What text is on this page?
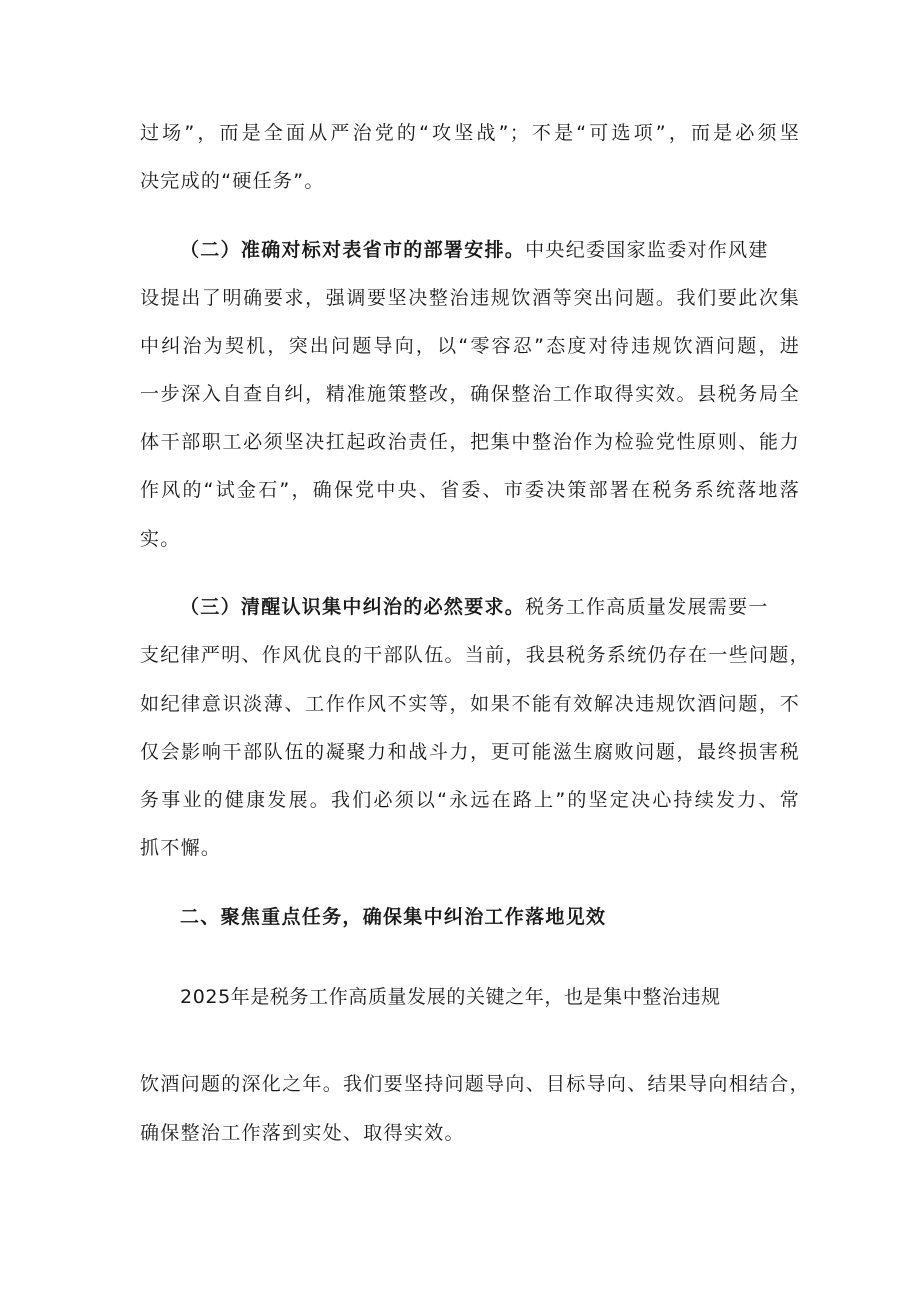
过场”，而是全面从严治党的“攻坚战”；不是“可选项”，而是必须坚
决完成的“硬任务”。
（二）准确对标对表省市的部署安排。中央纪委国家监委对作风建
设提出了明确要求，强调要坚决整治违规饮酒等突出问题。我们要此次集
中纠治为契机，突出问题导向，以“零容忍”态度对待违规饮酒问题，进
一步深入自查自纠，精准施策整改，确保整治工作取得实效。县税务局全
体干部职工必须坚决扛起政治责任，把集中整治作为检验党性原则、能力
作风的“试金石”，确保党中央、省委、市委决策部署在税务系统落地落
实。
（三）清醒认识集中纠治的必然要求。税务工作高质量发展需要一
支纪律严明、作风优良的干部队伍。当前，我县税务系统仍存在一些问题，
如纪律意识淡薄、工作作风不实等，如果不能有效解决违规饮酒问题，不
仅会影响干部队伍的凝聚力和战斗力，更可能滋生腐败问题，最终损害税
务事业的健康发展。我们必须以“永远在路上”的坚定决心持续发力、常
抓不懈。
二、聚焦重点任务，确保集中纠治工作落地见效
2025年是税务工作高质量发展的关键之年，也是集中整治违规
饮酒问题的深化之年。我们要坚持问题导向、目标导向、结果导向相结合，
确保整治工作落到实处、取得实效。
